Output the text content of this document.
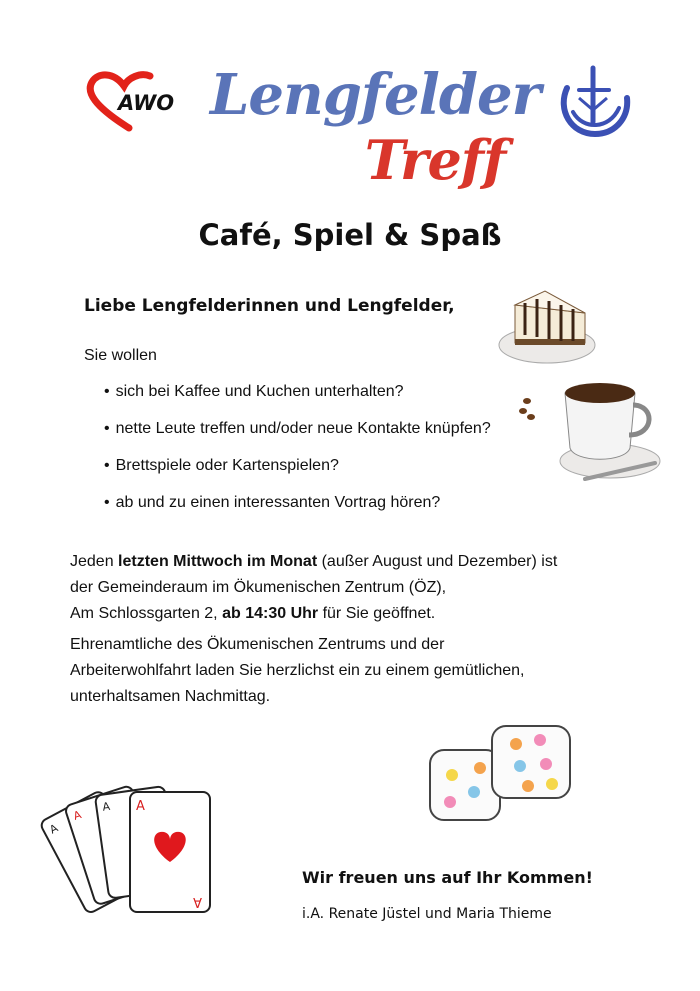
AWO Lengfelder
Treff
Café, Spiel & Spaß
Liebe Lengfelderinnen und Lengfelder,
Sie wollen
• sich bei Kaffee und Kuchen unterhalten?
• nette Leute treffen und/oder neue Kontakte knüpfen?
• Brettspiele oder Kartenspielen?
• ab und zu einen interessanten Vortrag hören?
Jeden letzten Mittwoch im Monat (außer August und Dezember) ist
der Gemeinderaum im Ökumenischen Zentrum (ÖZ),
Am Schlossgarten 2, ab 14:30 Uhr für Sie geöffnet.
Ehrenamtliche des Ökumenischen Zentrums und der
Arbeiterwohlfahrt laden Sie herzlichst ein zu einem gemütlichen,
unterhaltsamen Nachmittag.
A
A
A A
A
Wir freuen uns auf Ihr Kommen!
i.A. Renate Jüstel und Maria Thieme
